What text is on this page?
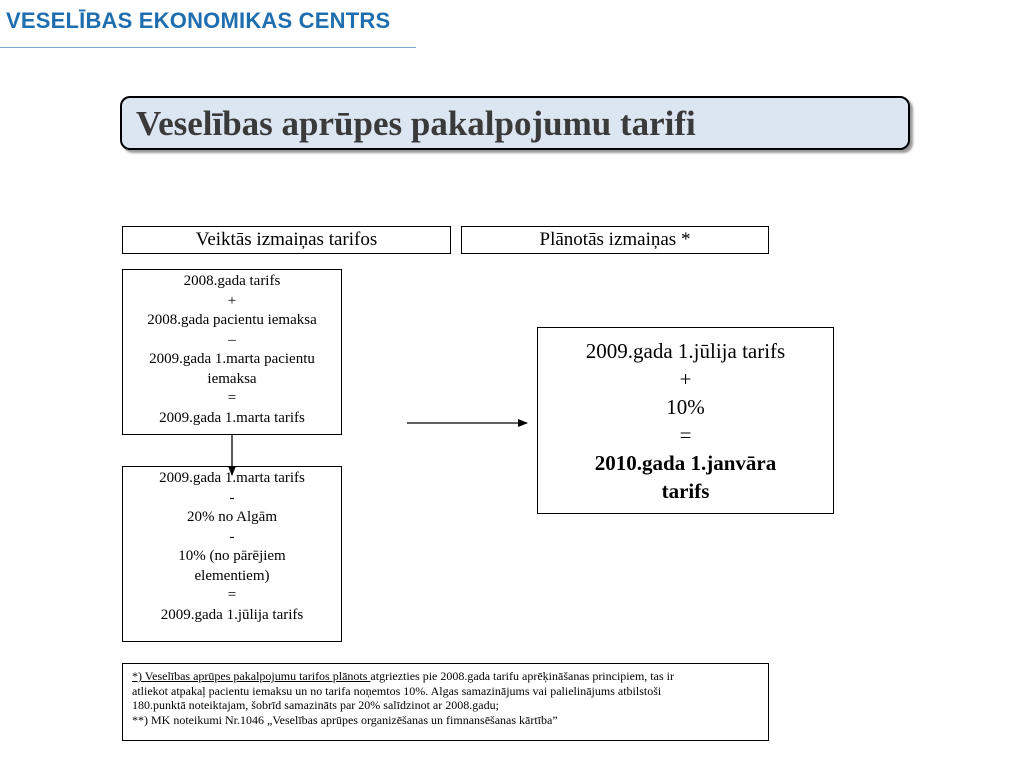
VESELĪBAS EKONOMIKAS CENTRS
Veselības aprūpes pakalpojumu tarifi
Veiktās izmaiņas tarifos	Plānotās izmaiņas *
2008.gada tarifs
+
2008.gada pacientu iemaksa
–
2009.gada 1.marta pacientu
iemaksa
=
2009.gada 1.marta tarifs
2009.gada 1.marta tarifs
-
20% no Algām
-
10% (no pārējiem
elementiem)
=
2009.gada 1.jūlija tarifs
2009.gada 1.jūlija tarifs
+
10%
=
2010.gada 1.janvāra
tarifs
*) Veselības aprūpes pakalpojumu tarifos plānots atgriezties pie 2008.gada tarifu aprēķināšanas principiem, tas ir
atliekot atpakaļ pacientu iemaksu un no tarifa noņemtos 10%. Algas samazinājums vai palielinājums atbilstoši
180.punktā noteiktajam, šobrīd samazināts par 20% salīdzinot ar 2008.gadu;
**) MK noteikumi Nr.1046 „Veselības aprūpes organizēšanas un fimnansēšanas kārtība”
